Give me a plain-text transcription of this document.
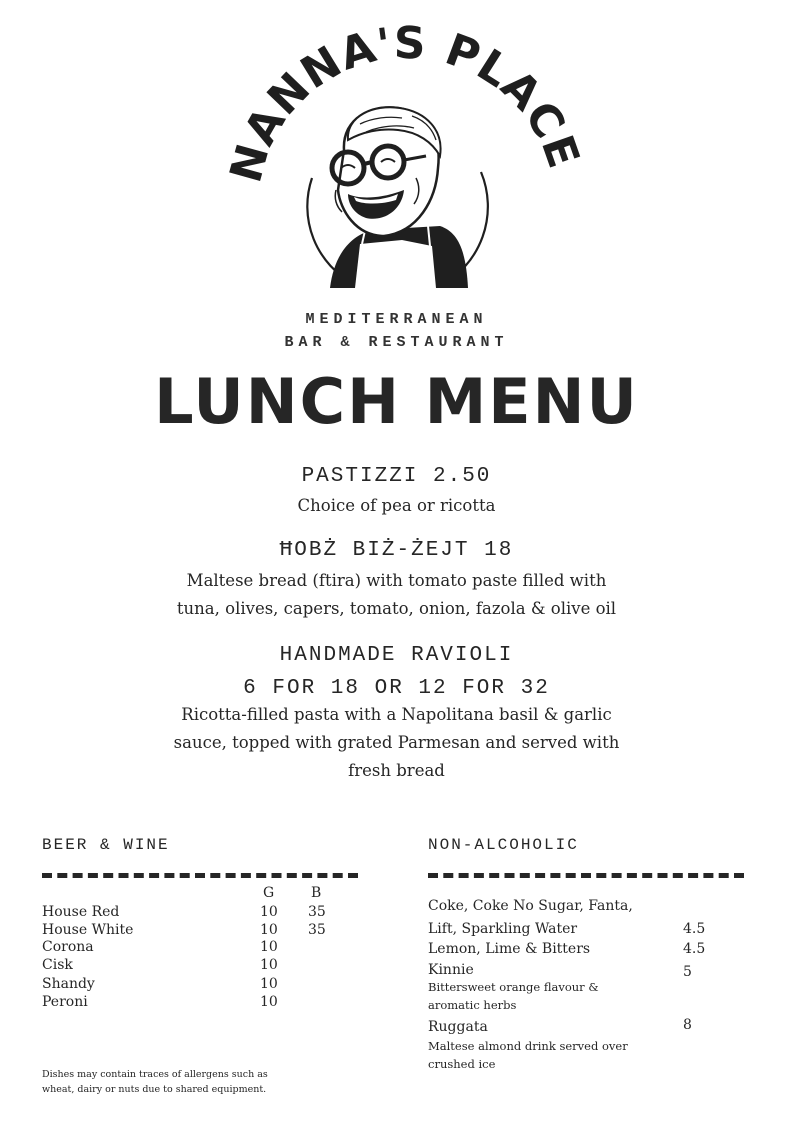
NANNA'S PLACE
MEDITERRANEAN
BAR & RESTAURANT
LUNCH MENU
PASTIZZI 2.50
Choice of pea or ricotta
ĦOBŻ BIŻ-ŻEJT 18
Maltese bread (ftira) with tomato paste filled with
tuna, olives, capers, tomato, onion, fazola & olive oil
HANDMADE RAVIOLI
6 FOR 18 OR 12 FOR 32
Ricotta-filled pasta with a Napolitana basil & garlic
sauce, topped with grated Parmesan and served with
fresh bread
BEER & WINE
G	B
House Red	10 35
House White	10 35
Corona	10
Cisk	10
Shandy	10
Peroni	10
NON-ALCOHOLIC
Coke, Coke No Sugar, Fanta,
Lift, Sparkling Water	4.5
Lemon, Lime & Bitters	4.5
Kinnie	5
Bittersweet orange flavour &
aromatic herbs
Ruggata	8
Maltese almond drink served over
crushed ice
Dishes may contain traces of allergens such as
wheat, dairy or nuts due to shared equipment.
